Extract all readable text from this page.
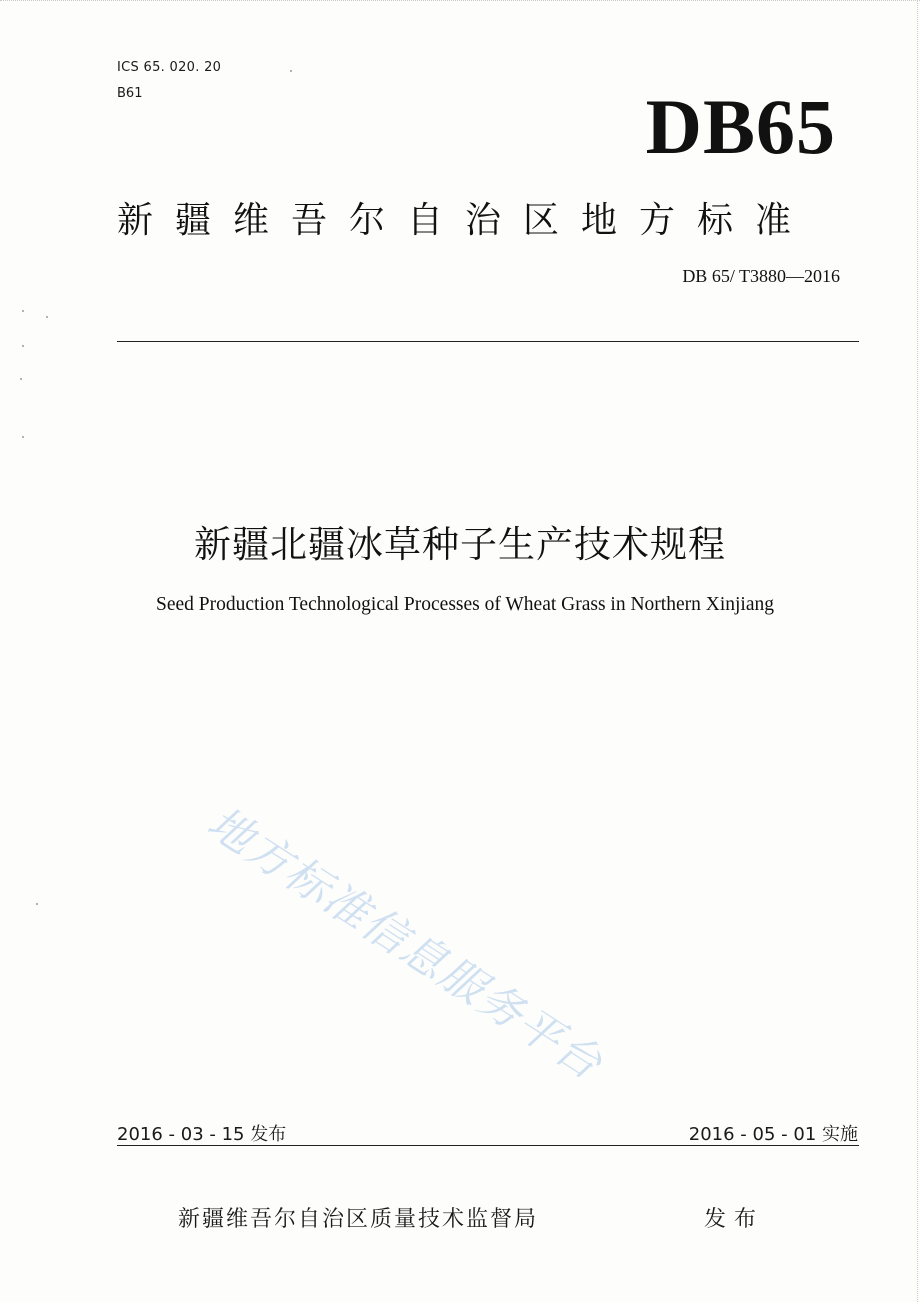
ICS 65. 020. 20
B61	DB65
新疆维吾尔自治区地方标准
DB 65/ T3880—2016
新疆北疆冰草种子生产技术规程
Seed Production Technological Processes of Wheat Grass in Northern Xinjiang
地方标准信息服务平台
2016 - 03 - 15 发布	2016 - 05 - 01 实施
新疆维吾尔自治区质量技术监督局	发布
